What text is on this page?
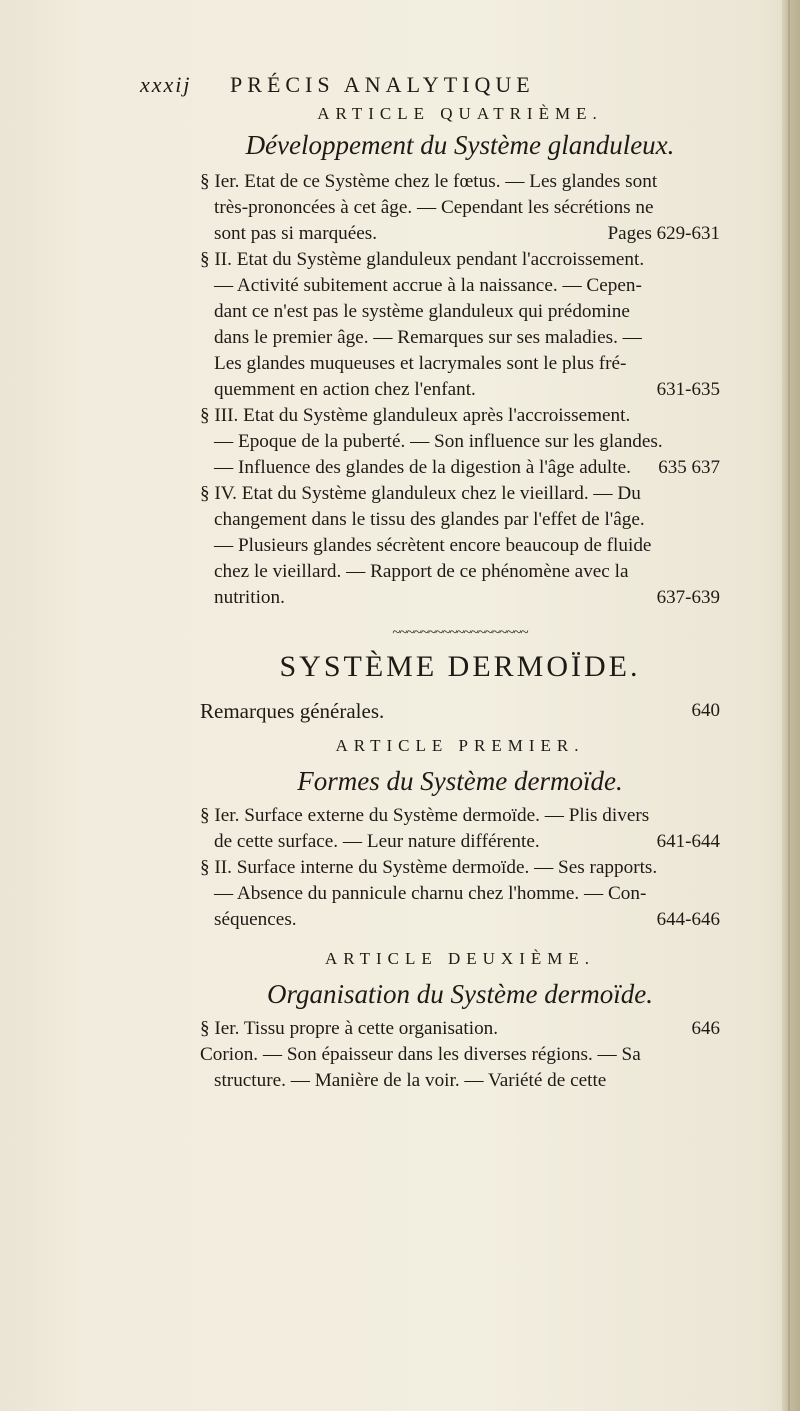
xxxij PRÉCIS ANALYTIQUE
ARTICLE QUATRIÈME.
Développement du Système glanduleux.
§ Ier. Etat de ce Système chez le fœtus. — Les glandes sont
très-prononcées à cet âge. — Cependant les sécrétions ne
sont pas si marquées.	Pages 629-631
§ II. Etat du Système glanduleux pendant l'accroissement.
— Activité subitement accrue à la naissance. — Cepen-
dant ce n'est pas le système glanduleux qui prédomine
dans le premier âge. — Remarques sur ses maladies. —
Les glandes muqueuses et lacrymales sont le plus fré-
quemment en action chez l'enfant.	631-635
§ III. Etat du Système glanduleux après l'accroissement.
— Epoque de la puberté. — Son influence sur les glandes.
— Influence des glandes de la digestion à l'âge adulte. 635 637
§ IV. Etat du Système glanduleux chez le vieillard. — Du
changement dans le tissu des glandes par l'effet de l'âge.
— Plusieurs glandes sécrètent encore beaucoup de fluide
chez le vieillard. — Rapport de ce phénomène avec la
nutrition.	637-639
~~~~~~~~~~~~~~~~~~~
SYSTÈME DERMOÏDE.
Remarques générales.	640
ARTICLE PREMIER.
Formes du Système dermoïde.
§ Ier. Surface externe du Système dermoïde. — Plis divers
de cette surface. — Leur nature différente.	641-644
§ II. Surface interne du Système dermoïde. — Ses rapports.
— Absence du pannicule charnu chez l'homme. — Con-
séquences.	644-646
ARTICLE DEUXIÈME.
Organisation du Système dermoïde.
§ Ier. Tissu propre à cette organisation.	646
Corion. — Son épaisseur dans les diverses régions. — Sa
structure. — Manière de la voir. — Variété de cette
